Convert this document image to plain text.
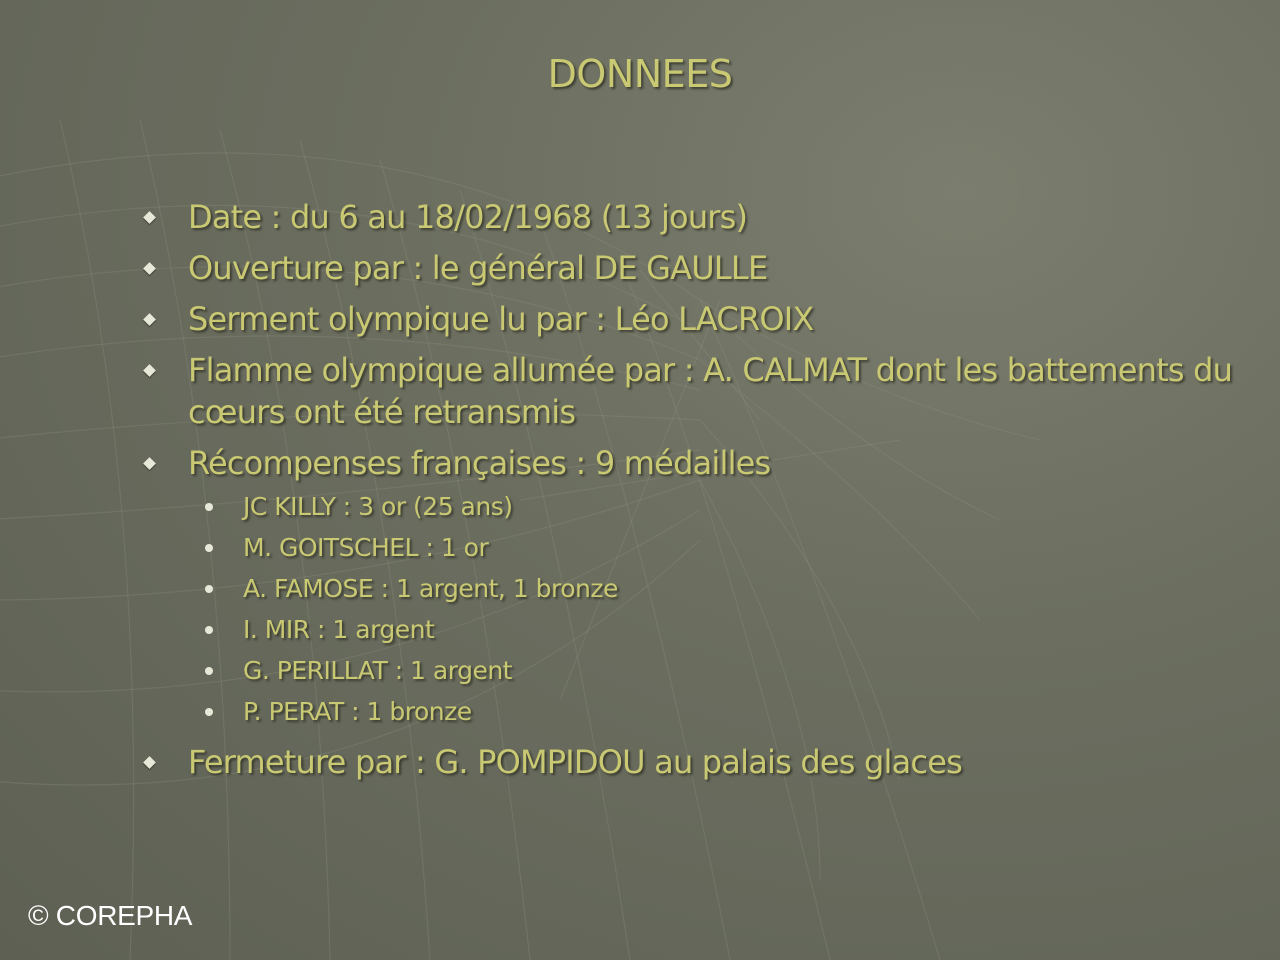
DONNEES
Date : du 6 au 18/02/1968 (13 jours)
Ouverture par : le général DE GAULLE
Serment olympique lu par : Léo LACROIX
Flamme olympique allumée par : A. CALMAT dont les battements du cœurs ont été retransmis
Récompenses françaises : 9 médailles
JC KILLY : 3 or (25 ans)
M. GOITSCHEL : 1 or
A. FAMOSE : 1 argent, 1 bronze
I. MIR : 1 argent
G. PERILLAT : 1 argent
P. PERAT : 1 bronze
Fermeture par : G. POMPIDOU au palais des glaces
© COREPHA
